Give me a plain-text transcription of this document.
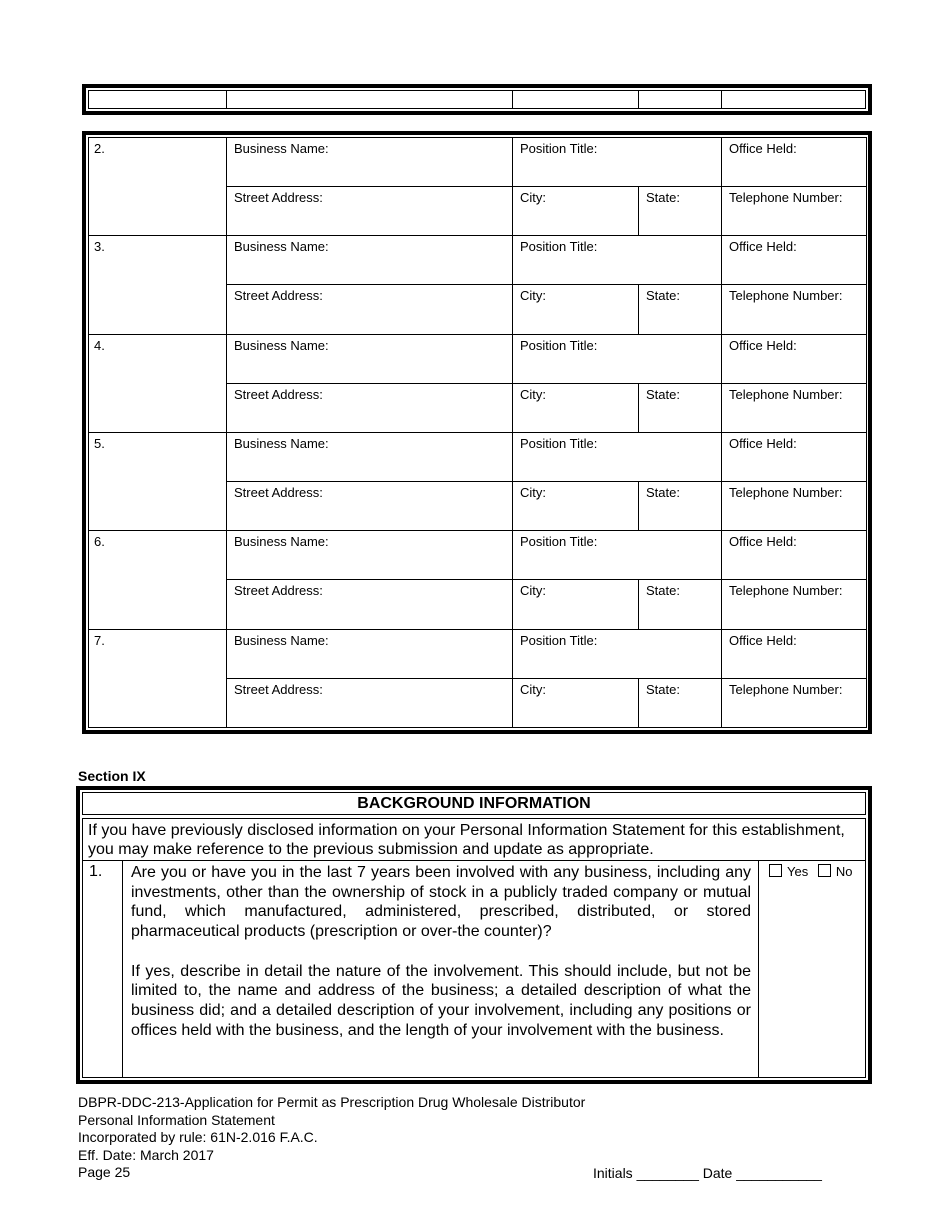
2.	Business Name:	Position Title:		Office Held:
	Street Address:	City:	State:	Telephone Number:
3.	Business Name:	Position Title:		Office Held:
	Street Address:	City:	State:	Telephone Number:
4.	Business Name:	Position Title:		Office Held:
	Street Address:	City:	State:	Telephone Number:
5.	Business Name:	Position Title:		Office Held:
	Street Address:	City:	State:	Telephone Number:
6.	Business Name:	Position Title:		Office Held:
	Street Address:	City:	State:	Telephone Number:
7.	Business Name:	Position Title:		Office Held:
	Street Address:	City:	State:	Telephone Number:
Section IX
BACKGROUND INFORMATION
If you have previously disclosed information on your Personal Information Statement for this establishment, you may make reference to the previous submission and update as appropriate.
1.	Are you or have you in the last 7 years been involved with any business, including any investments, other than the ownership of stock in a publicly traded company or mutual fund, which manufactured, administered, prescribed, distributed, or stored pharmaceutical products (prescription or over-the counter)?

If yes, describe in detail the nature of the involvement. This should include, but not be limited to, the name and address of the business; a detailed description of what the business did; and a detailed description of your involvement, including any positions or offices held with the business, and the length of your involvement with the business.

Yes No
DBPR-DDC-213-Application for Permit as Prescription Drug Wholesale Distributor
Personal Information Statement
Incorporated by rule: 61N-2.016 F.A.C.
Eff. Date: March 2017
Page 25	Initials ________ Date ___________
